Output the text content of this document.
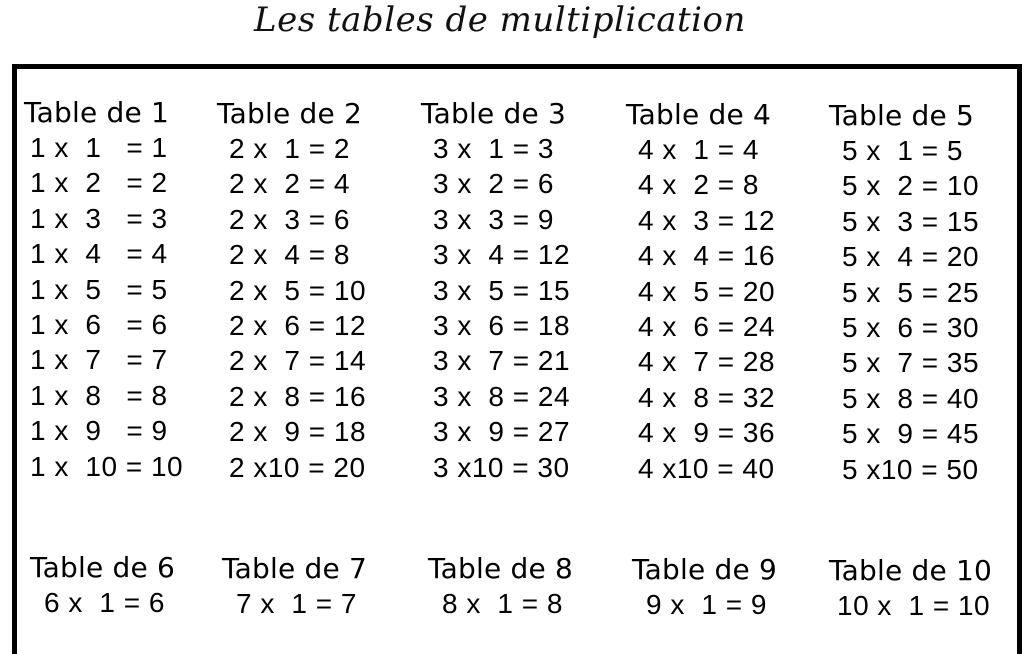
Les tables de multiplication
Table de 1
1 x  1   = 1
1 x  2   = 2
1 x  3   = 3
1 x  4   = 4
1 x  5   = 5
1 x  6   = 6
1 x  7   = 7
1 x  8   = 8
1 x  9   = 9
1 x  10 = 10
Table de 2
2 x  1 = 2
2 x  2 = 4
2 x  3 = 6
2 x  4 = 8
2 x  5 = 10
2 x  6 = 12
2 x  7 = 14
2 x  8 = 16
2 x  9 = 18
2 x10 = 20
Table de 3
3 x  1 = 3
3 x  2 = 6
3 x  3 = 9
3 x  4 = 12
3 x  5 = 15
3 x  6 = 18
3 x  7 = 21
3 x  8 = 24
3 x  9 = 27
3 x10 = 30
Table de 4
4 x  1 = 4
4 x  2 = 8
4 x  3 = 12
4 x  4 = 16
4 x  5 = 20
4 x  6 = 24
4 x  7 = 28
4 x  8 = 32
4 x  9 = 36
4 x10 = 40
Table de 5
5 x  1 = 5
5 x  2 = 10
5 x  3 = 15
5 x  4 = 20
5 x  5 = 25
5 x  6 = 30
5 x  7 = 35
5 x  8 = 40
5 x  9 = 45
5 x10 = 50
Table de 6
6 x  1 = 6
Table de 7
7 x  1 = 7
Table de 8
8 x  1 = 8
Table de 9
9 x  1 = 9
Table de 10
10 x  1 = 10
